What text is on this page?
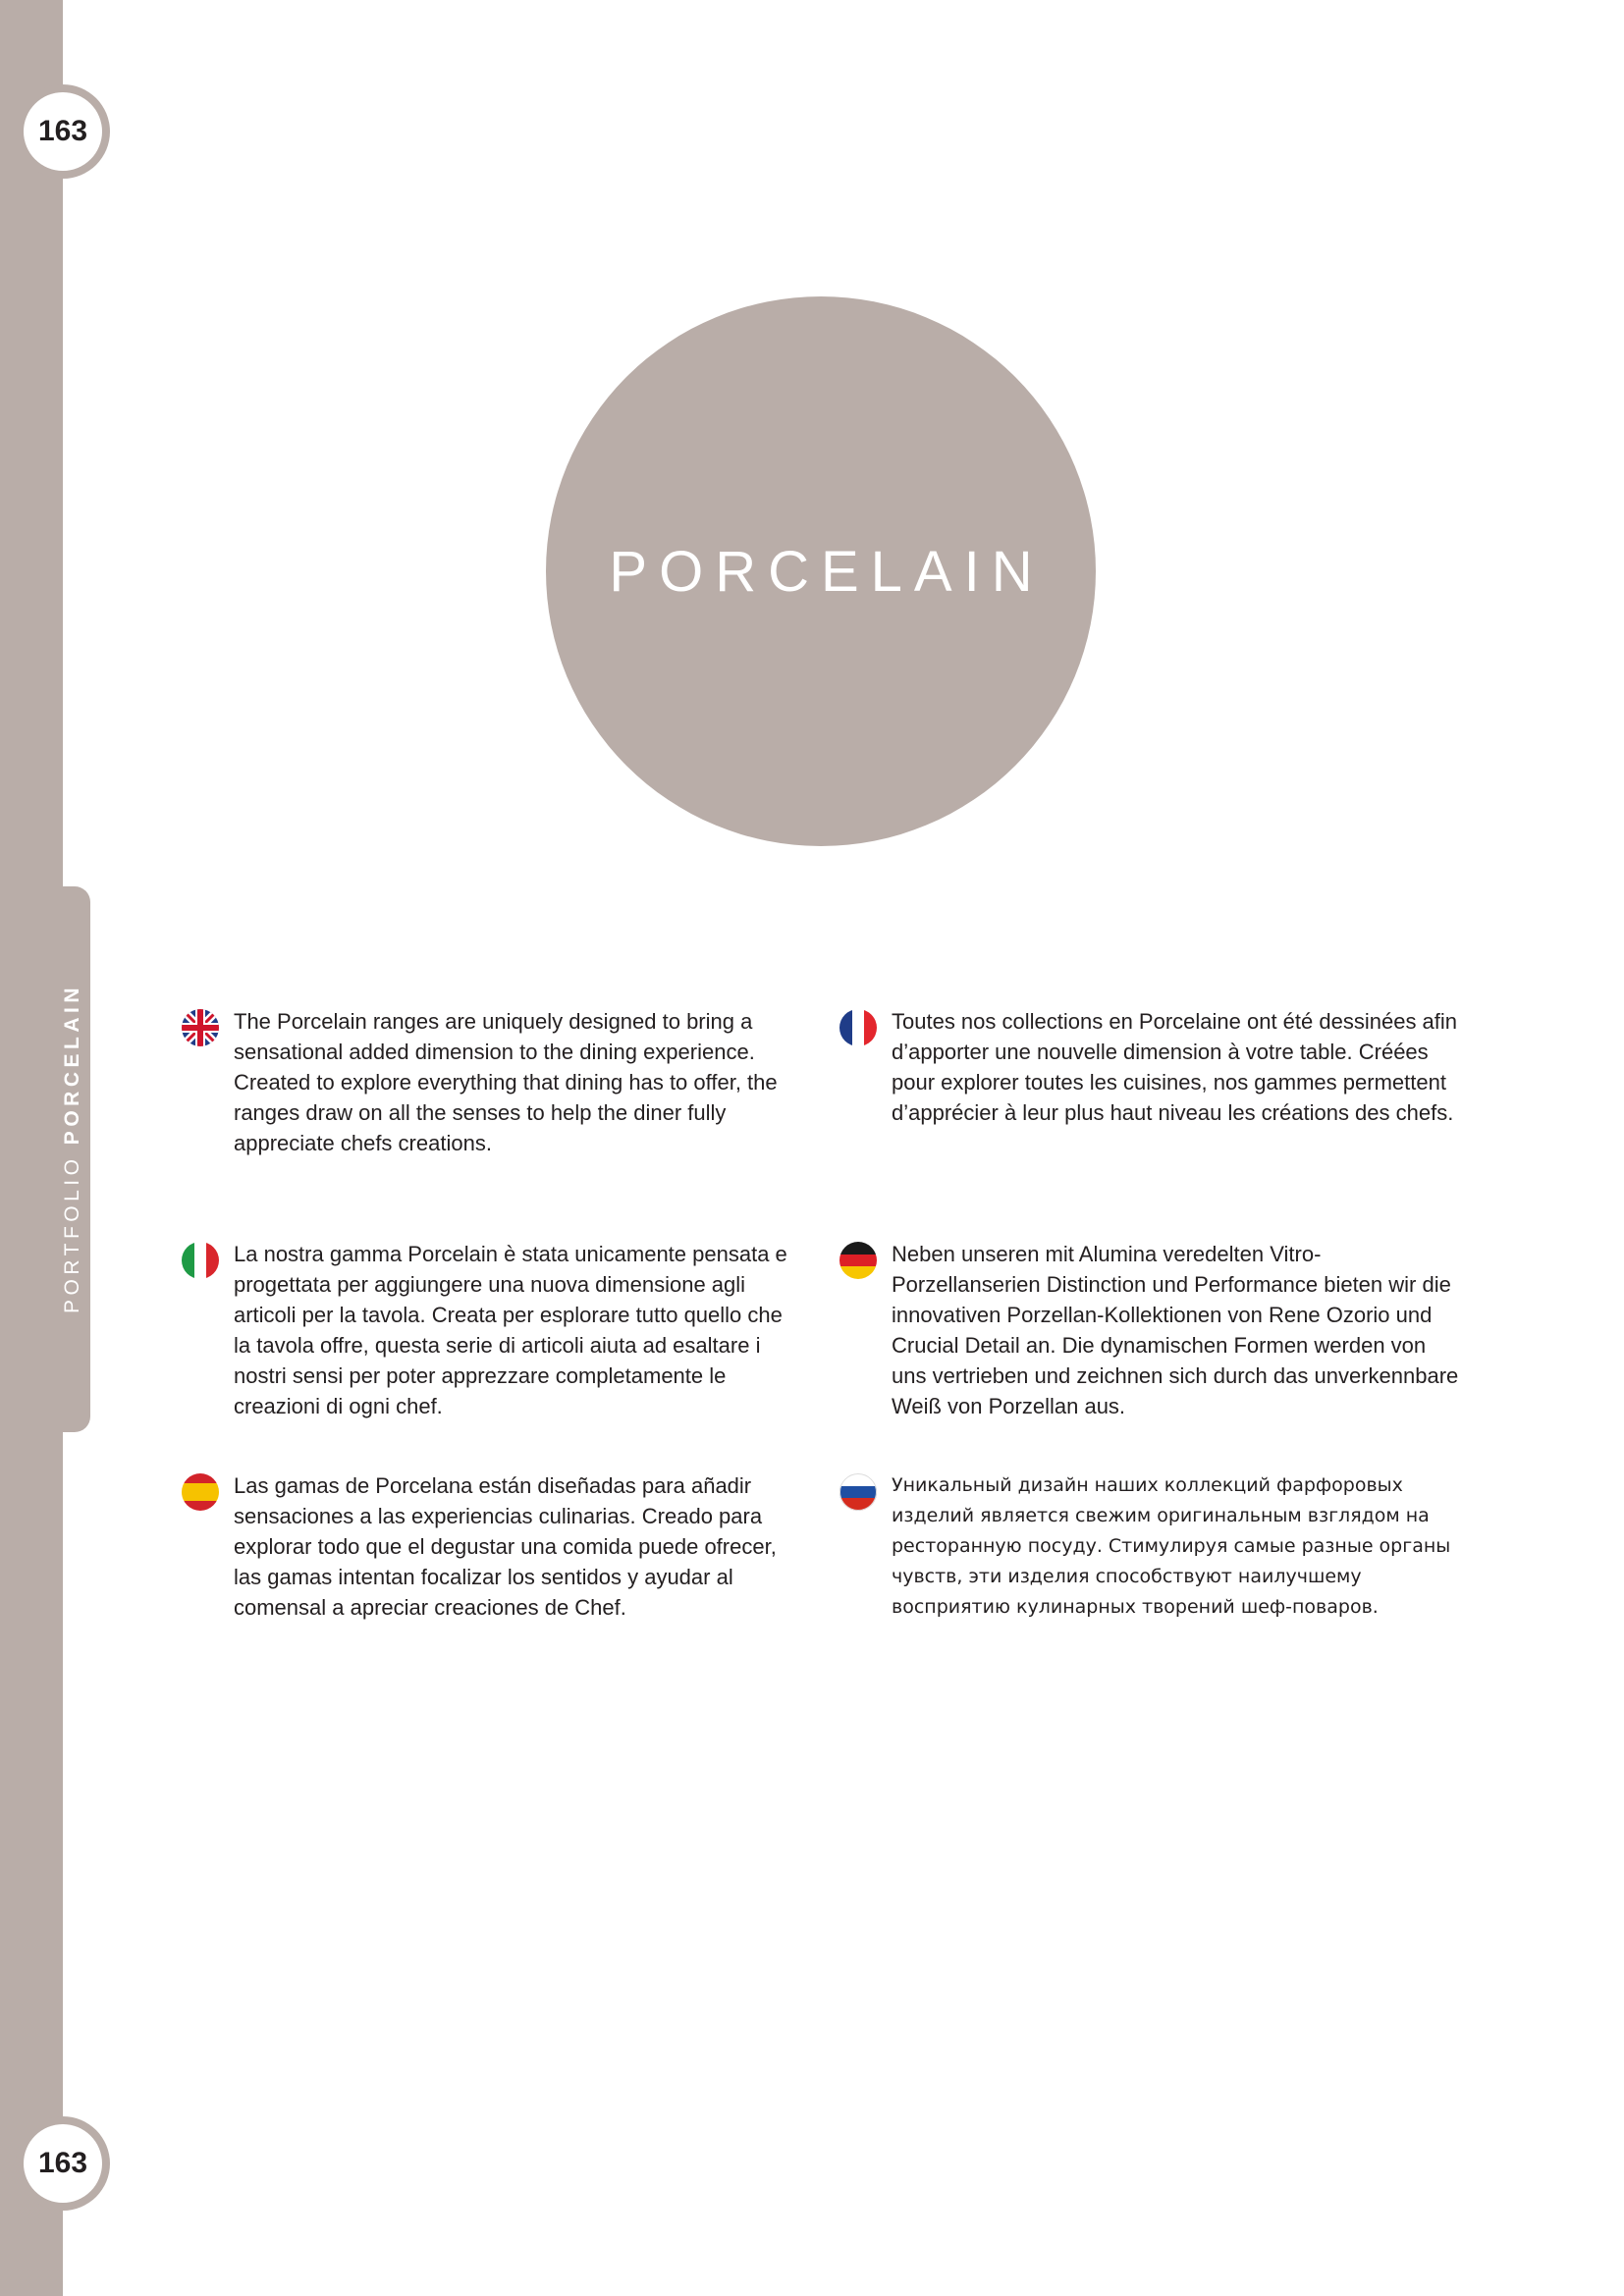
PORTFOLIO PORCELAIN
163
163
PORCELAIN
The Porcelain ranges are uniquely designed to bring a sensational added dimension to the dining experience. Created to explore everything that dining has to offer, the ranges draw on all the senses to help the diner fully appreciate chefs creations.
Toutes nos collections en Porcelaine ont été dessinées afin d’apporter une nouvelle dimension à votre table. Créées pour explorer toutes les cuisines, nos gammes permettent d’apprécier à leur plus haut niveau les créations des chefs.
La nostra gamma Porcelain è stata unicamente pensata e progettata per aggiungere una nuova dimensione agli articoli per la tavola. Creata per esplorare tutto quello che la tavola offre, questa serie di articoli aiuta ad esaltare i nostri sensi per poter apprezzare completamente le creazioni di ogni chef.
Neben unseren mit Alumina veredelten Vitro-Porzellanserien Distinction und Performance bieten wir die innovativen Porzellan-Kollektionen von Rene Ozorio und Crucial Detail an. Die dynamischen Formen werden von uns vertrieben und zeichnen sich durch das unverkennbare Weiß von Porzellan aus.
Las gamas de Porcelana están diseñadas para añadir sensaciones a las experiencias culinarias. Creado para explorar todo que el degustar una comida puede ofrecer, las gamas intentan focalizar los sentidos y ayudar al comensal a apreciar creaciones de Chef.
Уникальный дизайн наших коллекций фарфоровых изделий является свежим оригинальным взглядом на ресторанную посуду. Стимулируя самые разные органы чувств, эти изделия способствуют наилучшему восприятию кулинарных творений шеф-поваров.
